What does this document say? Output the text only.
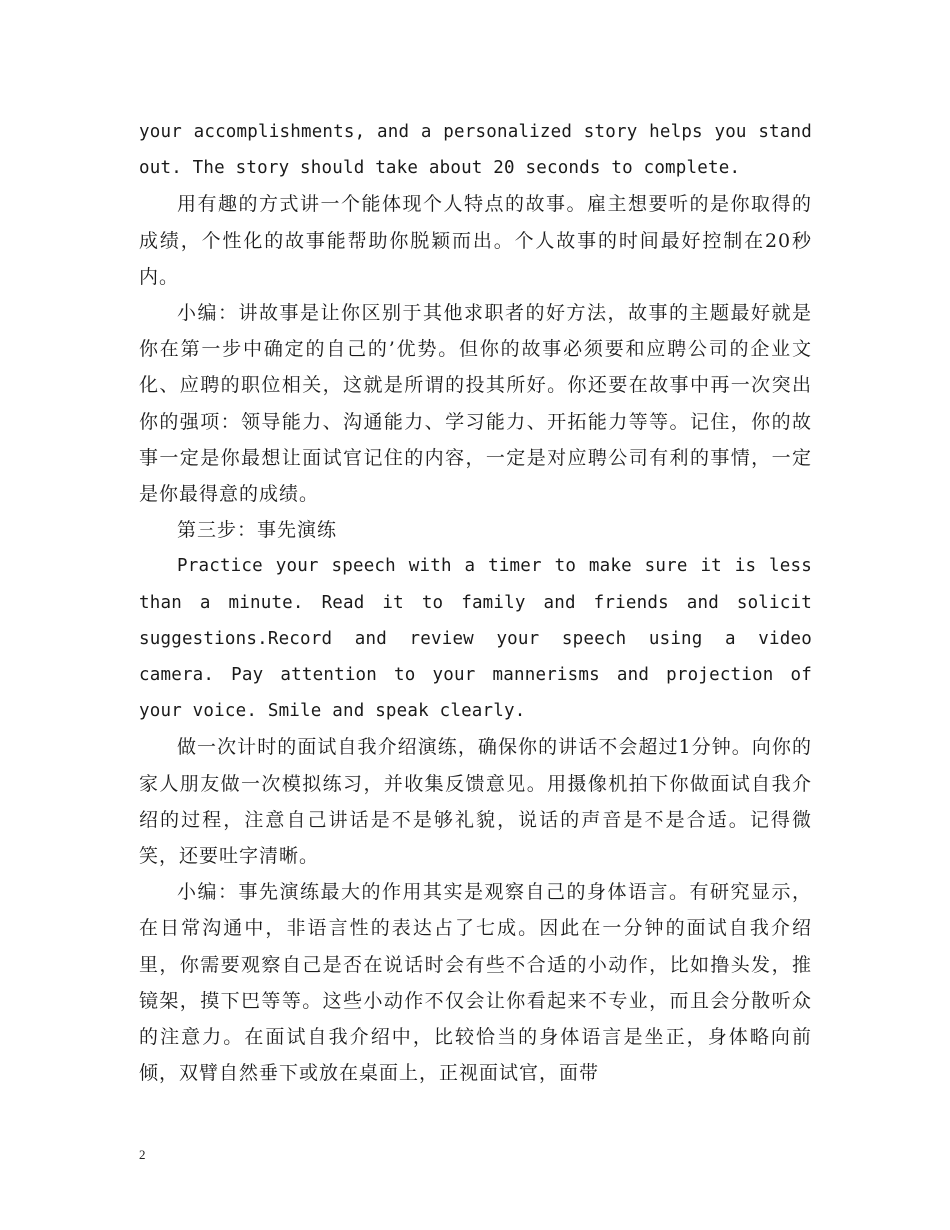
your accomplishments, and a personalized story helps you stand out. The story should take about 20 seconds to complete.

用有趣的方式讲一个能体现个人特点的故事。雇主想要听的是你取得的成绩，个性化的故事能帮助你脱颖而出。个人故事的时间最好控制在20秒内。

小编：讲故事是让你区别于其他求职者的好方法，故事的主题最好就是你在第一步中确定的自己的’优势。但你的故事必须要和应聘公司的企业文化、应聘的职位相关，这就是所谓的投其所好。你还要在故事中再一次突出你的强项：领导能力、沟通能力、学习能力、开拓能力等等。记住，你的故事一定是你最想让面试官记住的内容，一定是对应聘公司有利的事情，一定是你最得意的成绩。

第三步：事先演练

Practice your speech with a timer to make sure it is less than a minute. Read it to family and friends and solicit suggestions.Record and review your speech using a video camera. Pay attention to your mannerisms and projection of your voice. Smile and speak clearly.

做一次计时的面试自我介绍演练，确保你的讲话不会超过1分钟。向你的家人朋友做一次模拟练习，并收集反馈意见。用摄像机拍下你做面试自我介绍的过程，注意自己讲话是不是够礼貌，说话的声音是不是合适。记得微笑，还要吐字清晰。

小编：事先演练最大的作用其实是观察自己的身体语言。有研究显示，在日常沟通中，非语言性的表达占了七成。因此在一分钟的面试自我介绍里，你需要观察自己是否在说话时会有些不合适的小动作，比如撸头发，推镜架，摸下巴等等。这些小动作不仅会让你看起来不专业，而且会分散听众的注意力。在面试自我介绍中，比较恰当的身体语言是坐正，身体略向前倾，双臂自然垂下或放在桌面上，正视面试官，面带

2
